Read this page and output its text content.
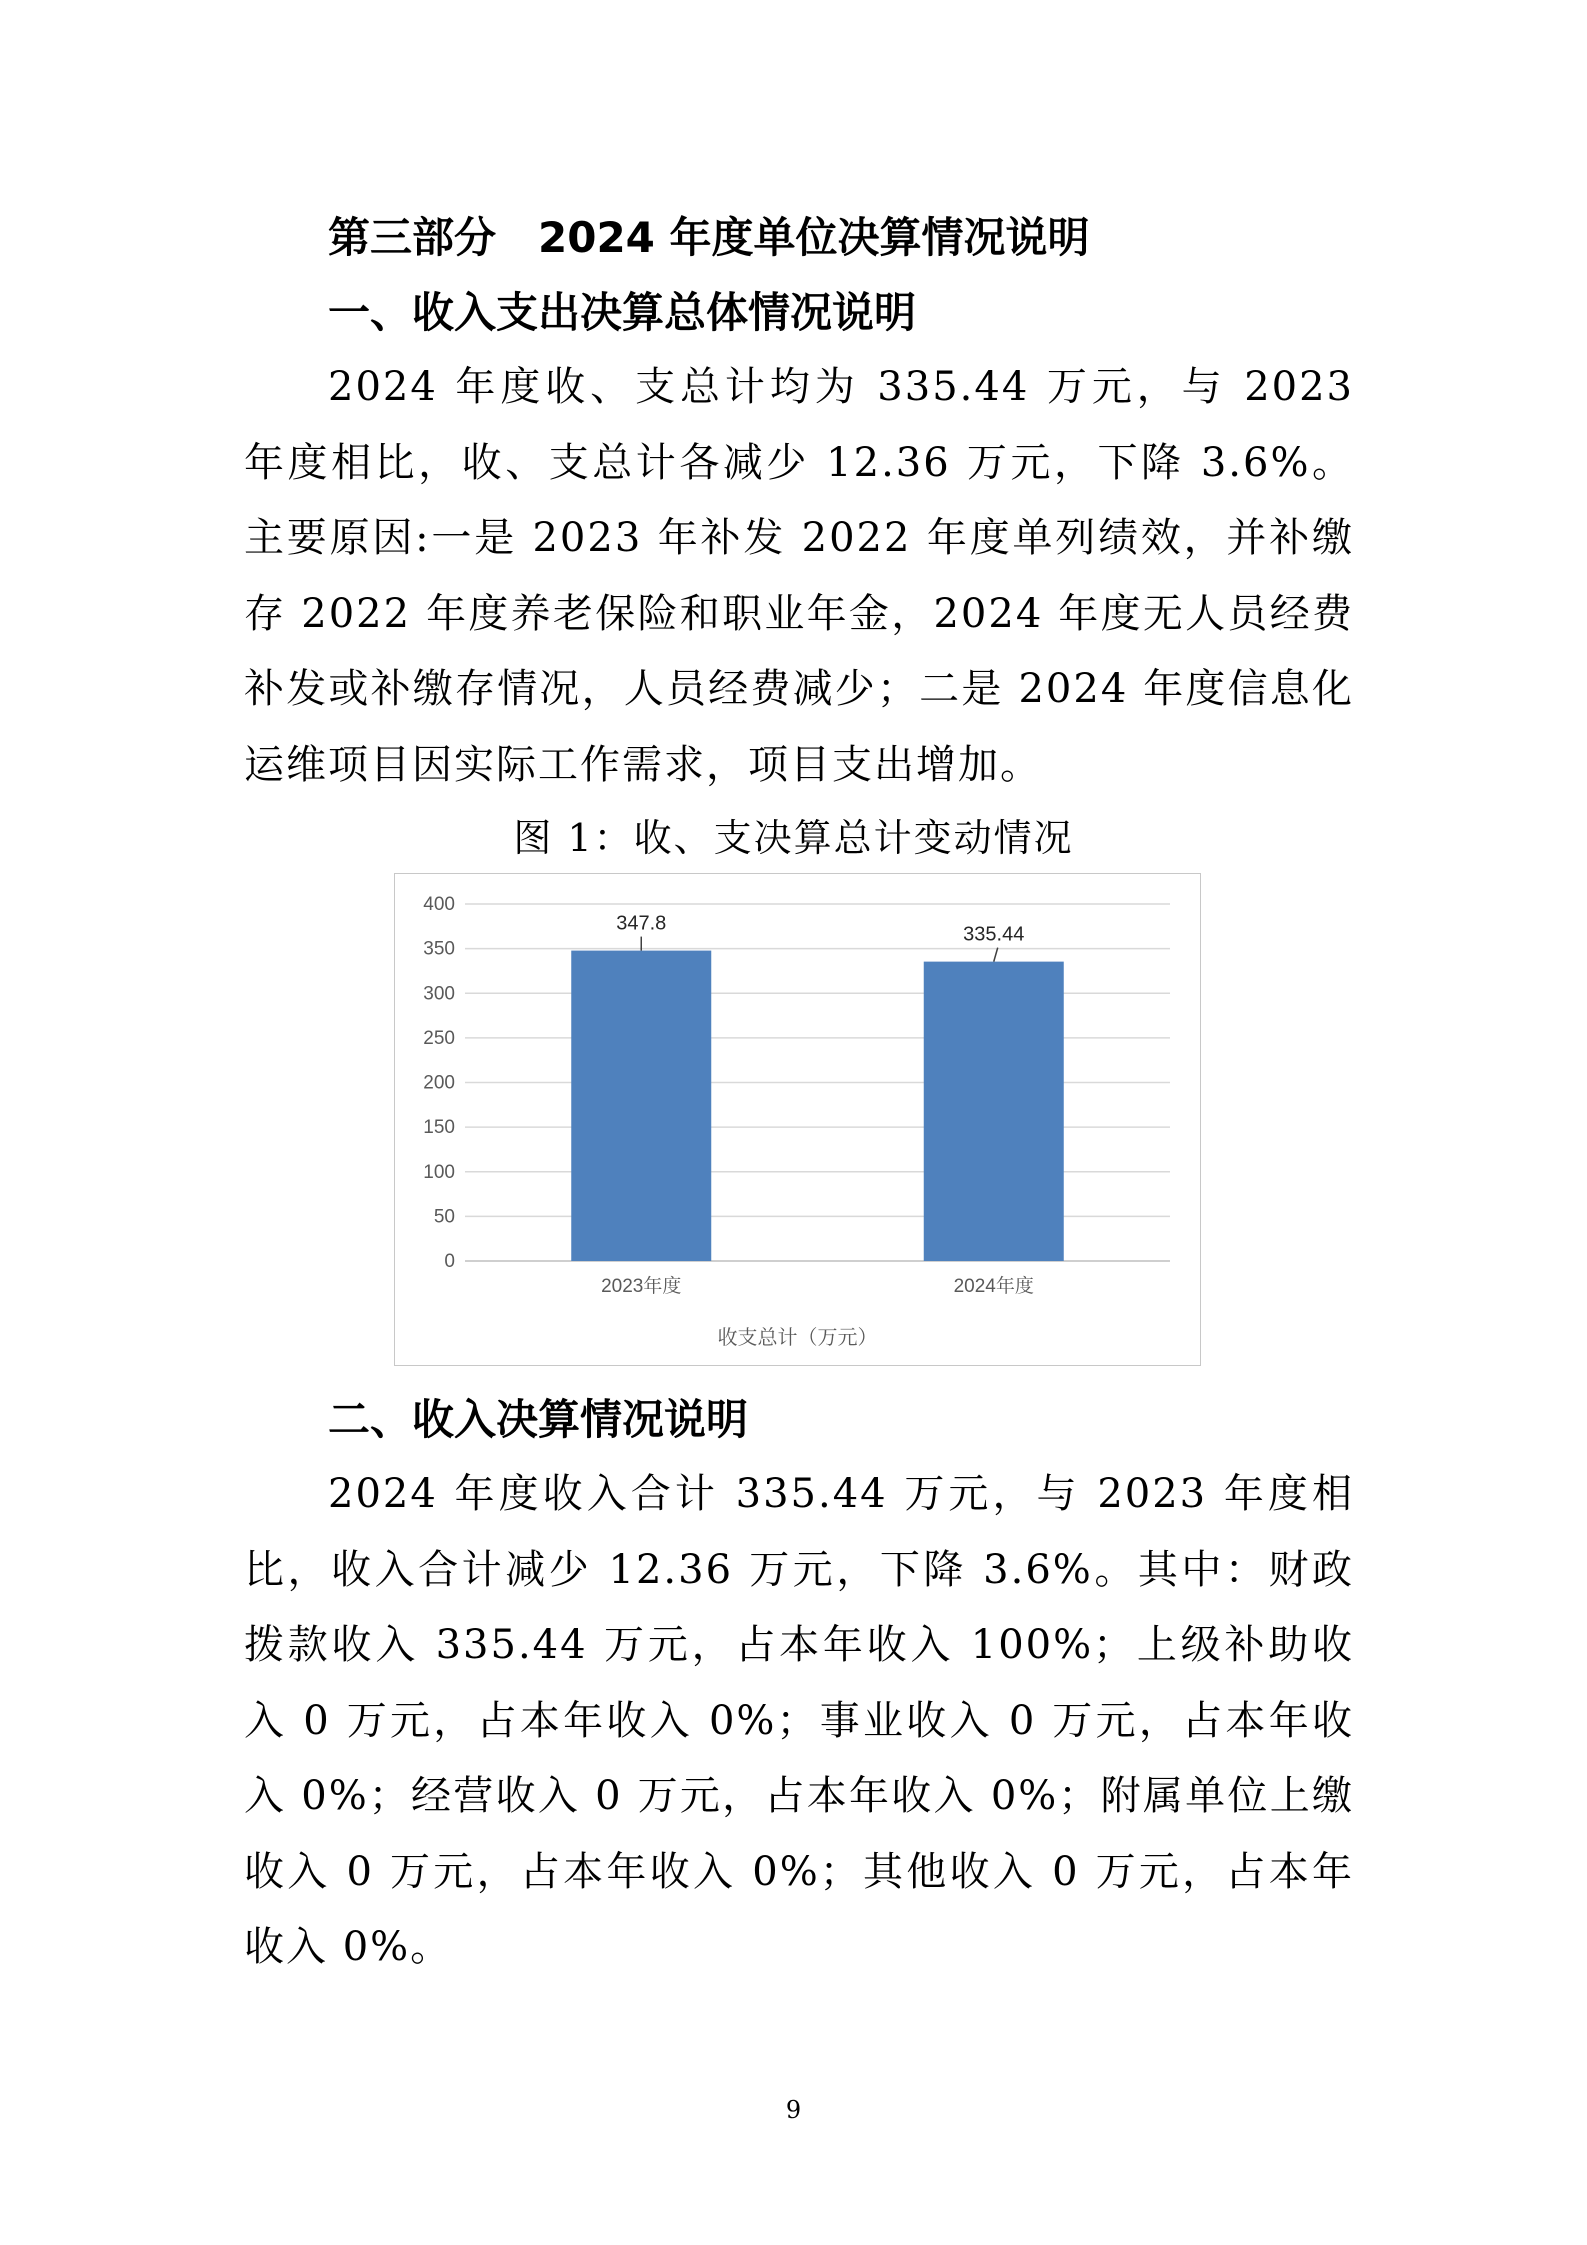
第三部分　2024 年度单位决算情况说明
一、收入支出决算总体情况说明

2024 年度收、支总计均为 335.44 万元，与 2023 年度相比，收、支总计各减少 12.36 万元，下降 3.6%。主要原因:一是 2023 年补发 2022 年度单列绩效，并补缴存 2022 年度养老保险和职业年金，2024 年度无人员经费补发或补缴存情况，人员经费减少；二是 2024 年度信息化运维项目因实际工作需求，项目支出增加。

图 1：收、支决算总计变动情况
0
50
100
150
200
250
300
350
400
347.8
2023年度
335.44
2024年度
收支总计（万元）
二、收入决算情况说明

2024 年度收入合计 335.44 万元，与 2023 年度相比，收入合计减少 12.36 万元，下降 3.6%。其中：财政拨款收入 335.44 万元，占本年收入 100%；上级补助收入 0 万元，占本年收入 0%；事业收入 0 万元，占本年收入 0%；经营收入 0 万元，占本年收入 0%；附属单位上缴收入 0 万元，占本年收入 0%；其他收入 0 万元，占本年收入 0%。

9
